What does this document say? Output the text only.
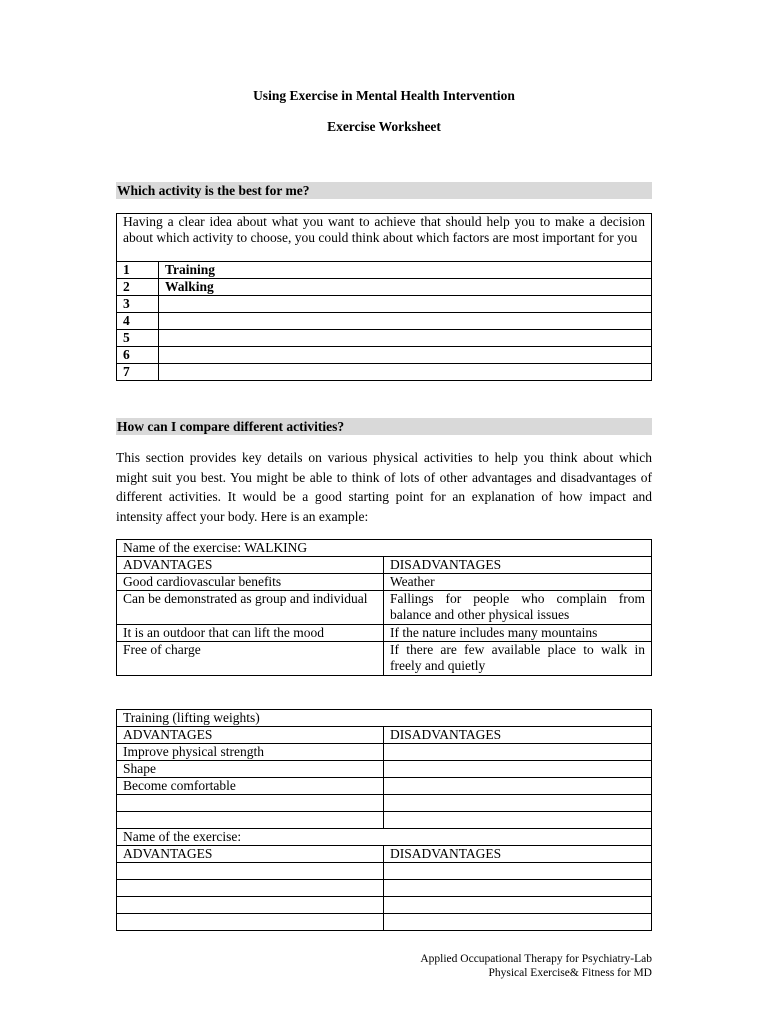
Using Exercise in Mental Health Intervention
Exercise Worksheet
Which activity is the best for me?
Having a clear idea about what you want to achieve that should help you to make a decision about which activity to choose, you could think about which factors are most important for you	
1	Training
2	Walking
3	
4	
5	
6	
7	
How can I compare different activities?
This section provides key details on various physical activities to help you think about which might suit you best. You might be able to think of lots of other advantages and disadvantages of different activities. It would be a good starting point for an explanation of how impact and intensity affect your body. Here is an example:
Name of the exercise: WALKING	
ADVANTAGES	DISADVANTAGES
Good cardiovascular benefits	Weather
Can be demonstrated as group and individual	Fallings for people who complain from balance and other physical issues
It is an outdoor that can lift the mood	If the nature includes many mountains
Free of charge	If there are few available place to walk in freely and quietly
Training (lifting weights)	
ADVANTAGES	DISADVANTAGES
Improve physical strength	
Shape	
Become comfortable	

Name of the exercise:	
ADVANTAGES	DISADVANTAGES

Applied Occupational Therapy for Psychiatry-Lab
Physical Exercise& Fitness for MD
